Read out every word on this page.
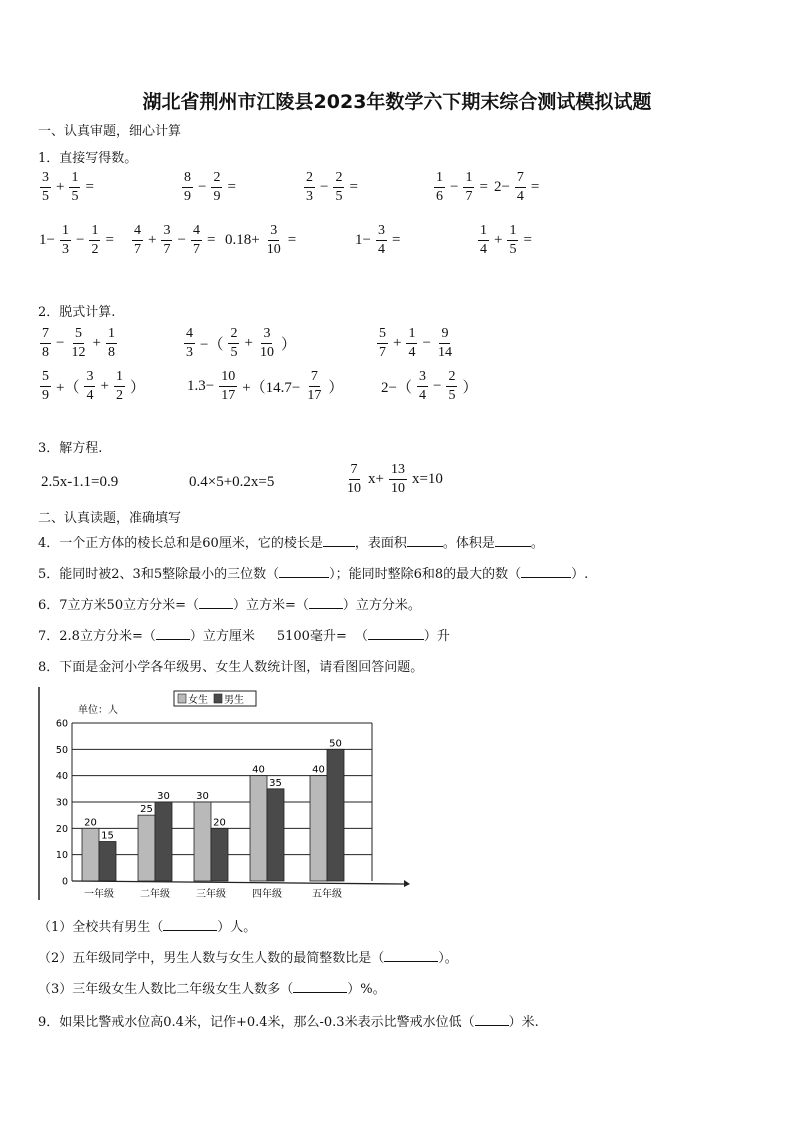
湖北省荆州市江陵县2023年数学六下期末综合测试模拟试题
一、认真审题，细心计算
1．直接写得数。
$\frac{3}{5} + \frac{1}{5}$ =	$\frac{8}{9} - \frac{2}{9}$ =	$\frac{2}{3} - \frac{2}{5}$ =	$\frac{1}{6} - \frac{1}{7} = 2- \frac{7}{4}$ =
$1- \frac{1}{3} - \frac{1}{2} = \frac{4}{7} + \frac{3}{7} - \frac{4}{7} = 0.18+ \frac{3}{10}$ =	$1- \frac{3}{4}$ =	$\frac{1}{4} + \frac{1}{5}$ =
2．脱式计算.
$\frac{7}{8} - \frac{5}{12} + \frac{1}{8}$	$\frac{4}{3}$ −（ $\frac{2}{5} + \frac{3}{10}$ ）	$\frac{5}{7} + \frac{1}{4} - \frac{9}{14}$
$\frac{5}{9}$ +（ $\frac{3}{4} + \frac{1}{2}$ ）	$1.3- \frac{10}{17} +(14.7- \frac{7}{17}$ ）	$2-( \frac{3}{4} - \frac{2}{5}$ ）
3．解方程.
2.5x-1.1=0.9	0.4×5+0.2x=5	$\frac{7}{10} x+ \frac{13}{10} x=10$
二、认真读题，准确填写
4．一个正方体的棱长总和是60厘米，它的棱长是 ，表面积	。体积是	。
5．能同时被2、3和5整除最小的三位数（	）；能同时整除6和8的最大的数（	）.
6．7立方米50立方分米=（	）立方米=（	）立方分米。
7．2.8立方分米=（	）立方厘米 5100毫升= （	）升
8．下面是金河小学各年级男、女生人数统计图，请看图回答问题。
0
10
20
30
40
50
60
20
15
一年级
25
30
二年级
30
20
三年级
40
35
四年级
40
50
五年级
单位：人
女生 男生
（1）全校共有男生（	）人。
（2）五年级同学中，男生人数与女生人数的最简整数比是（	）。
（3）三年级女生人数比二年级女生人数多（	）%。
9．如果比警戒水位高0.4米，记作+0.4米，那么-0.3米表示比警戒水位低（	）米.
